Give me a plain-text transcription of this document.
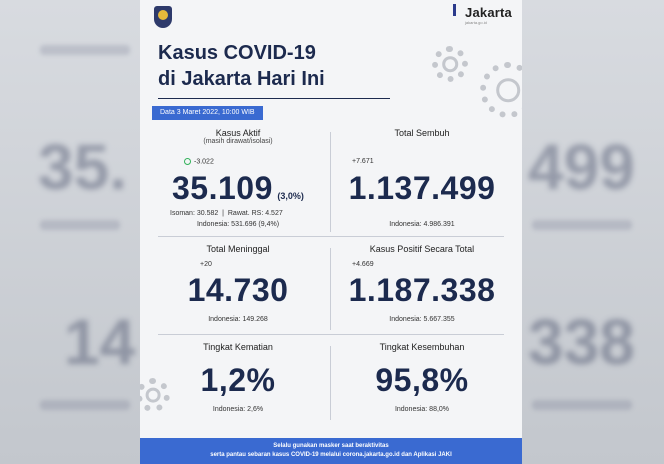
35.
14
499
338
Jakarta
jakarta.go.id
Kasus COVID-19
di Jakarta Hari Ini
Data 3 Maret 2022, 10:00 WIB
Kasus Aktif
(masih dirawat/isolasi)
-3.022
35.109 (3,0%)
Isoman: 30.582  |  Rawat. RS: 4.527
Indonesia: 531.696 (9,4%)
Total Sembuh
+7.671
1.137.499
Indonesia: 4.986.391
Total Meninggal
+20
14.730
Indonesia: 149.268
Kasus Positif Secara Total
+4.669
1.187.338
Indonesia: 5.667.355
Tingkat Kematian
1,2%
Indonesia: 2,6%
Tingkat Kesembuhan
95,8%
Indonesia: 88,0%
Selalu gunakan masker saat beraktivitas
serta pantau sebaran kasus COVID-19 melalui corona.jakarta.go.id dan Aplikasi JAKI
